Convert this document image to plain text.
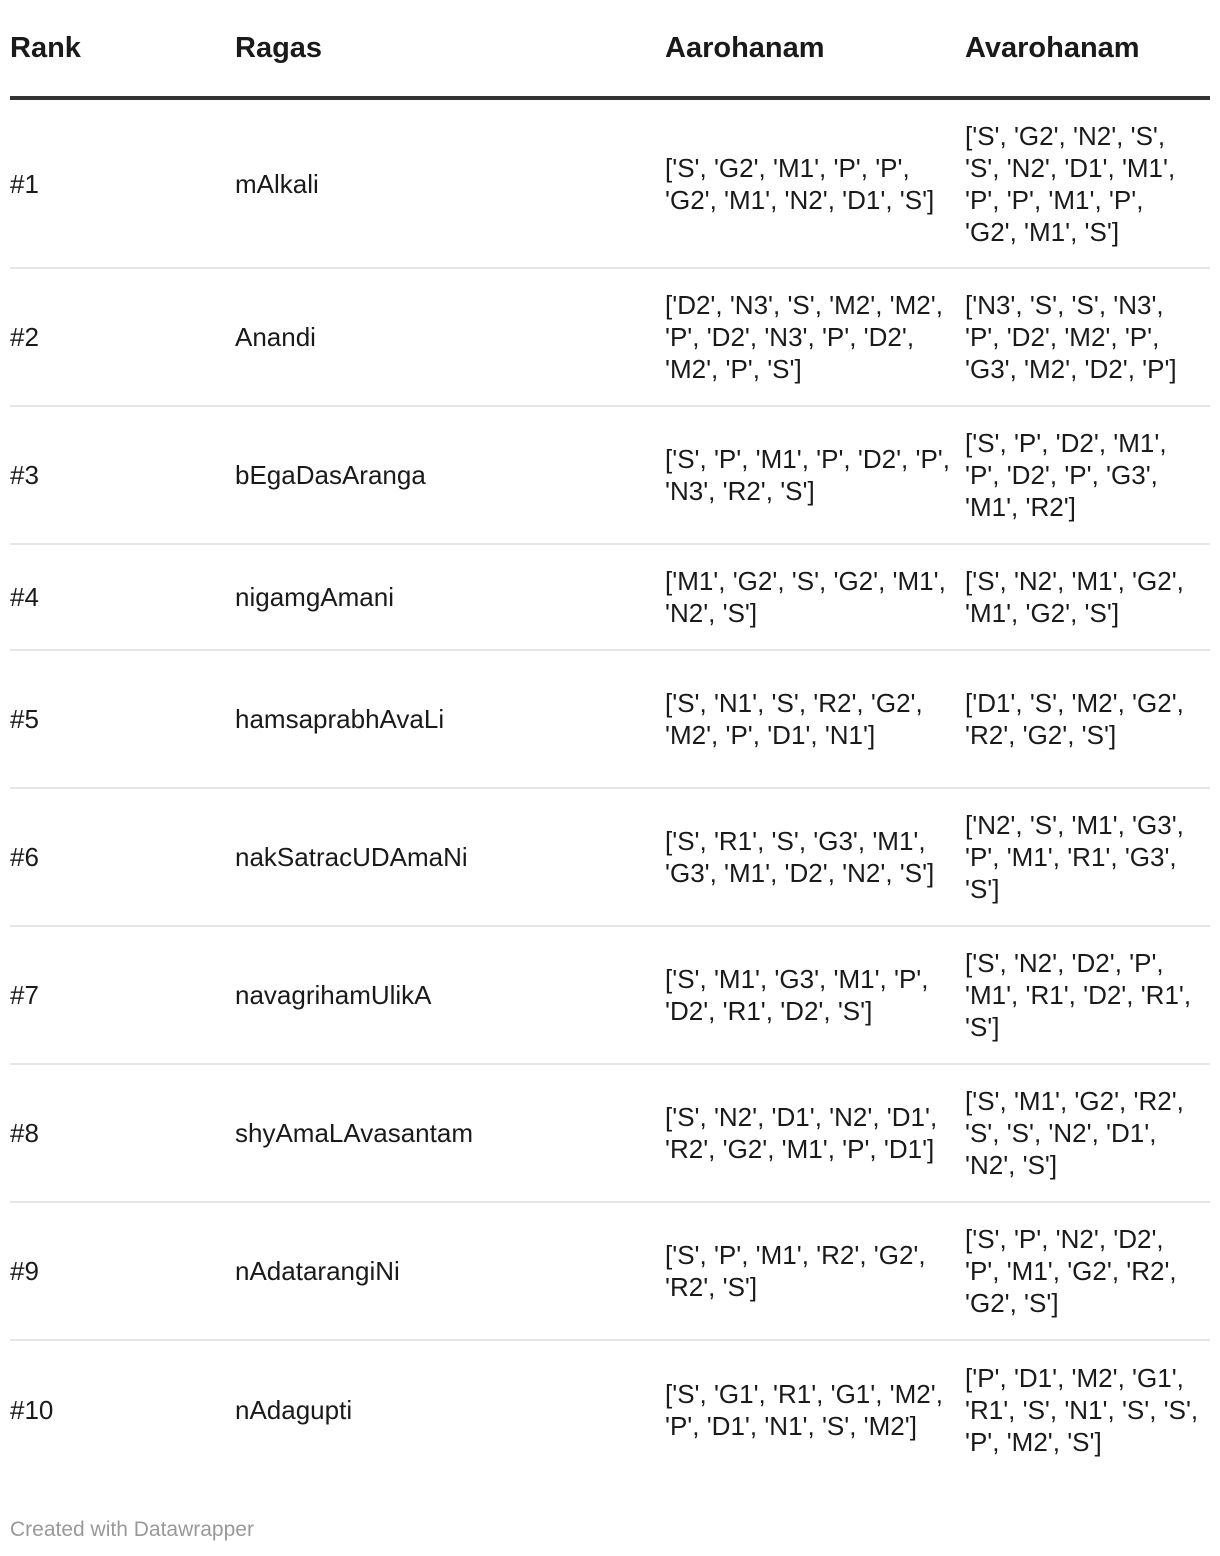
Rank	Ragas	Aarohanam	Avarohanam
#1	mAlkali	['S', 'G2', 'M1', 'P', 'P', 'G2', 'M1', 'N2', 'D1', 'S']	['S', 'G2', 'N2', 'S', 'S', 'N2', 'D1', 'M1', 'P', 'P', 'M1', 'P', 'G2', 'M1', 'S']
#2	Anandi	['D2', 'N3', 'S', 'M2', 'M2', 'P', 'D2', 'N3', 'P', 'D2', 'M2', 'P', 'S']	['N3', 'S', 'S', 'N3', 'P', 'D2', 'M2', 'P', 'G3', 'M2', 'D2', 'P']
#3	bEgaDasAranga	['S', 'P', 'M1', 'P', 'D2', 'P', 'N3', 'R2', 'S']	['S', 'P', 'D2', 'M1', 'P', 'D2', 'P', 'G3', 'M1', 'R2']
#4	nigamgAmani	['M1', 'G2', 'S', 'G2', 'M1', 'N2', 'S']	['S', 'N2', 'M1', 'G2', 'M1', 'G2', 'S']
#5	hamsaprabhAvaLi	['S', 'N1', 'S', 'R2', 'G2', 'M2', 'P', 'D1', 'N1']	['D1', 'S', 'M2', 'G2', 'R2', 'G2', 'S']
#6	nakSatracUDAmaNi	['S', 'R1', 'S', 'G3', 'M1', 'G3', 'M1', 'D2', 'N2', 'S']	['N2', 'S', 'M1', 'G3', 'P', 'M1', 'R1', 'G3', 'S']
#7	navagrihamUlikA	['S', 'M1', 'G3', 'M1', 'P', 'D2', 'R1', 'D2', 'S']	['S', 'N2', 'D2', 'P', 'M1', 'R1', 'D2', 'R1', 'S']
#8	shyAmaLAvasantam	['S', 'N2', 'D1', 'N2', 'D1', 'R2', 'G2', 'M1', 'P', 'D1']	['S', 'M1', 'G2', 'R2', 'S', 'S', 'N2', 'D1', 'N2', 'S']
#9	nAdatarangiNi	['S', 'P', 'M1', 'R2', 'G2', 'R2', 'S']	['S', 'P', 'N2', 'D2', 'P', 'M1', 'G2', 'R2', 'G2', 'S']
#10	nAdagupti	['S', 'G1', 'R1', 'G1', 'M2', 'P', 'D1', 'N1', 'S', 'M2']	['P', 'D1', 'M2', 'G1', 'R1', 'S', 'N1', 'S', 'S', 'P', 'M2', 'S']
Created with Datawrapper
